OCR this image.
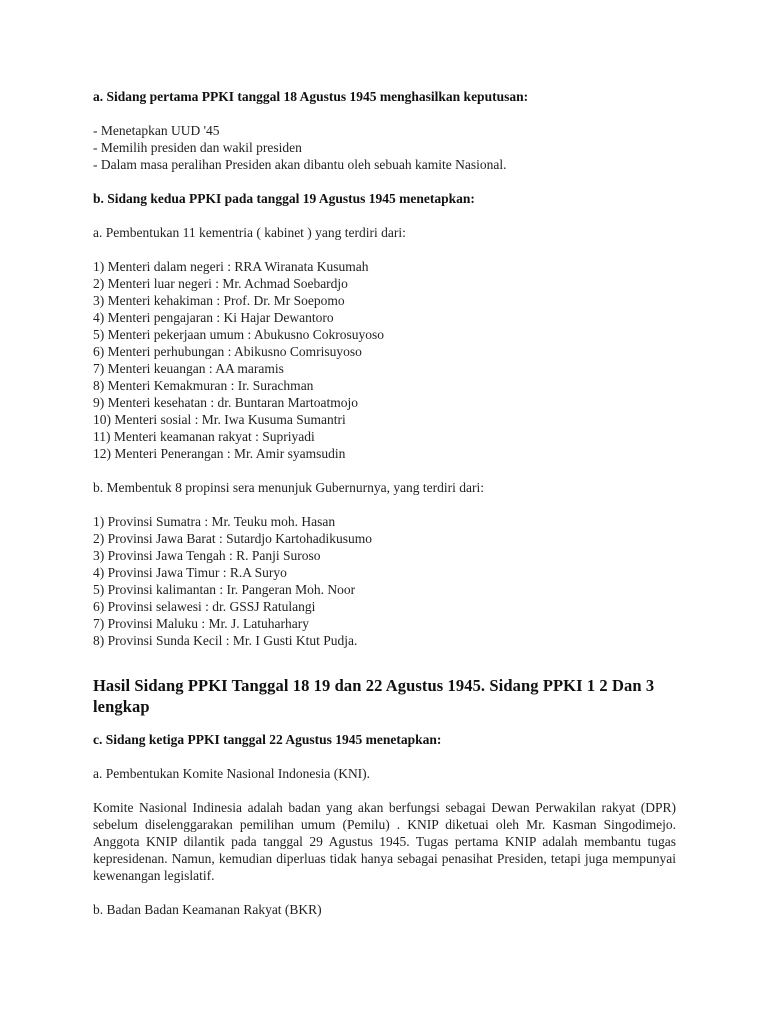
a. Sidang pertama PPKI tanggal 18 Agustus 1945 menghasilkan keputusan:

- Menetapkan UUD '45

- Memilih presiden dan wakil presiden

- Dalam masa peralihan Presiden akan dibantu oleh sebuah kamite Nasional.

b. Sidang kedua PPKI pada tanggal 19 Agustus 1945 menetapkan:

a. Pembentukan 11 kementria ( kabinet ) yang terdiri dari:

1) Menteri dalam negeri : RRA Wiranata Kusumah

2) Menteri luar negeri : Mr. Achmad Soebardjo

3) Menteri kehakiman : Prof. Dr. Mr Soepomo

4) Menteri pengajaran : Ki Hajar Dewantoro

5) Menteri pekerjaan umum : Abukusno Cokrosuyoso

6) Menteri perhubungan : Abikusno Comrisuyoso

7) Menteri keuangan : AA maramis

8) Menteri Kemakmuran : Ir. Surachman

9) Menteri kesehatan : dr. Buntaran Martoatmojo

10) Menteri sosial : Mr. Iwa Kusuma Sumantri

11) Menteri keamanan rakyat : Supriyadi

12) Menteri Penerangan : Mr. Amir syamsudin

b. Membentuk 8 propinsi sera menunjuk Gubernurnya, yang terdiri dari:

1) Provinsi Sumatra : Mr. Teuku moh. Hasan

2) Provinsi Jawa Barat : Sutardjo Kartohadikusumo

3) Provinsi Jawa Tengah : R. Panji Suroso

4) Provinsi Jawa Timur : R.A Suryo

5) Provinsi kalimantan : Ir. Pangeran Moh. Noor

6) Provinsi selawesi : dr. GSSJ Ratulangi

7) Provinsi Maluku : Mr. J. Latuharhary

8) Provinsi Sunda Kecil : Mr. I Gusti Ktut Pudja.

Hasil Sidang PPKI Tanggal 18 19 dan 22 Agustus 1945. Sidang PPKI 1 2 Dan 3 lengkap

c. Sidang ketiga PPKI tanggal 22 Agustus 1945 menetapkan:

a. Pembentukan Komite Nasional Indonesia (KNI).

Komite Nasional Indinesia adalah badan yang akan berfungsi sebagai Dewan Perwakilan rakyat (DPR) sebelum diselenggarakan pemilihan umum (Pemilu) . KNIP diketuai oleh Mr. Kasman Singodimejo. Anggota KNIP dilantik pada tanggal 29 Agustus 1945. Tugas pertama KNIP adalah membantu tugas kepresidenan. Namun, kemudian diperluas tidak hanya sebagai penasihat Presiden, tetapi juga mempunyai kewenangan legislatif.

b. Badan Badan Keamanan Rakyat (BKR)
